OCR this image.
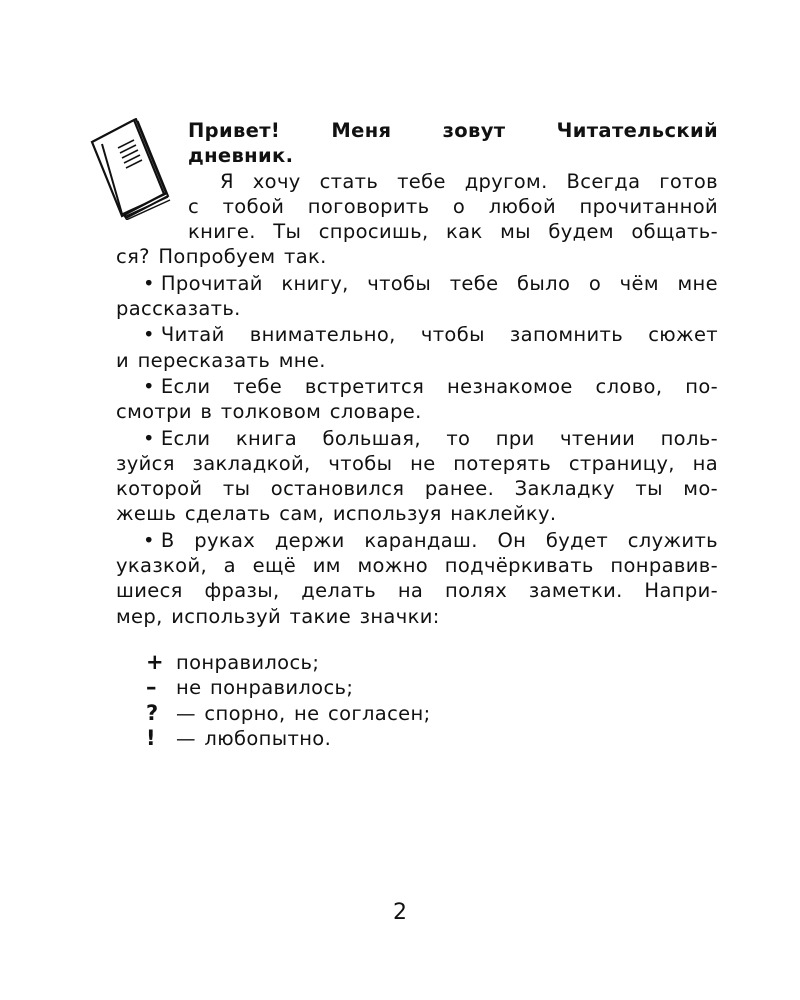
Привет! Меня зовут Читательский
дневник.
Я хочу стать тебе другом. Всегда готов
с тобой поговорить о любой прочитанной
книге. Ты спросишь, как мы будем общать-
ся? Попробуем так.
• Прочитай книгу, чтобы тебе было о чём мне
рассказать.
• Читай внимательно, чтобы запомнить сюжет
и пересказать мне.
• Если тебе встретится незнакомое слово, по-
смотри в толковом словаре.
• Если книга большая, то при чтении поль-
зуйся закладкой, чтобы не потерять страницу, на
которой ты остановился ранее. Закладку ты мо-
жешь сделать сам, используя наклейку.
• В руках держи карандаш. Он будет служить
указкой, а ещё им можно подчёркивать понравив-
шиеся фразы, делать на полях заметки. Напри-
мер, используй такие значки:
+ понравилось;
– не понравилось;
? — спорно, не согласен;
! — любопытно.
2
